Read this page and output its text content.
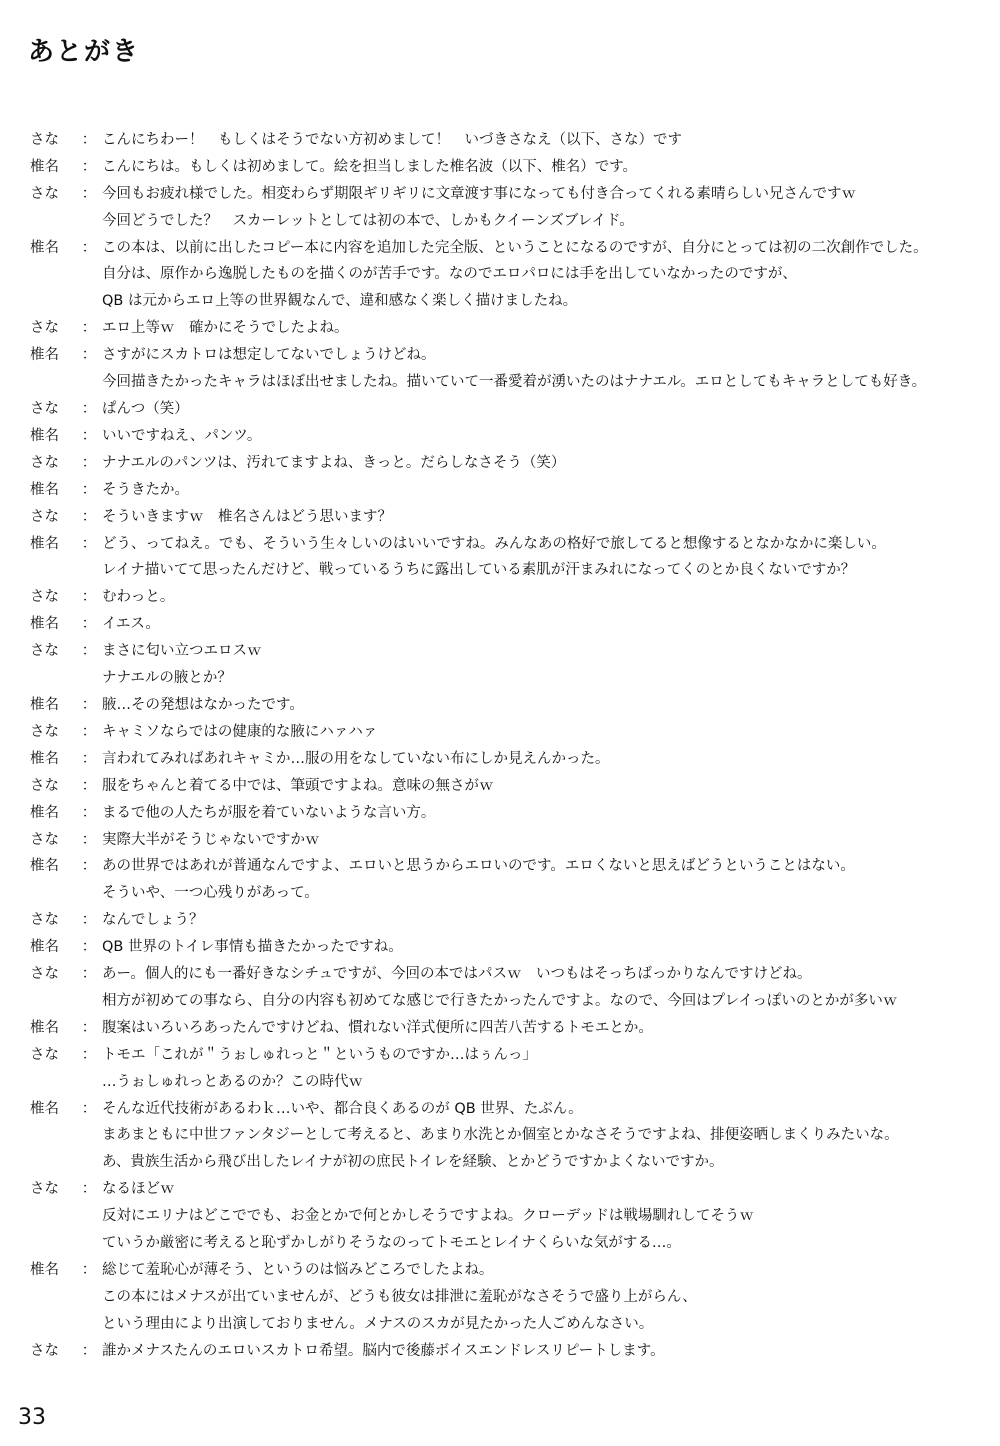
あとがき
さな	： こんにちわー！　もしくはそうでない方初めまして！　いづきさなえ（以下、さな）です
椎名	： こんにちは。もしくは初めまして。絵を担当しました椎名波（以下、椎名）です。
さな	： 今回もお疲れ様でした。相変わらず期限ギリギリに文章渡す事になっても付き合ってくれる素晴らしい兄さんですｗ
今回どうでした？　スカーレットとしては初の本で、しかもクイーンズブレイド。
椎名	： この本は、以前に出したコピー本に内容を追加した完全版、ということになるのですが、自分にとっては初の二次創作でした。
自分は、原作から逸脱したものを描くのが苦手です。なのでエロパロには手を出していなかったのですが、
QB は元からエロ上等の世界観なんで、違和感なく楽しく描けましたね。
さな	： エロ上等ｗ　確かにそうでしたよね。
椎名	： さすがにスカトロは想定してないでしょうけどね。
今回描きたかったキャラはほぼ出せましたね。描いていて一番愛着が湧いたのはナナエル。エロとしてもキャラとしても好き。
さな	： ぱんつ（笑）
椎名	： いいですねえ、パンツ。
さな	： ナナエルのパンツは、汚れてますよね、きっと。だらしなさそう（笑）
椎名	： そうきたか。
さな	： そういきますｗ　椎名さんはどう思います？
椎名	： どう、ってねえ。でも、そういう生々しいのはいいですね。みんなあの格好で旅してると想像するとなかなかに楽しい。
レイナ描いてて思ったんだけど、戦っているうちに露出している素肌が汗まみれになってくのとか良くないですか？
さな	： むわっと。
椎名	： イエス。
さな	： まさに匂い立つエロスｗ
ナナエルの腋とか？
椎名	： 腋…その発想はなかったです。
さな	： キャミソならではの健康的な腋にハァハァ
椎名	： 言われてみればあれキャミか…服の用をなしていない布にしか見えんかった。
さな	： 服をちゃんと着てる中では、筆頭ですよね。意味の無さがｗ
椎名	： まるで他の人たちが服を着ていないような言い方。
さな	： 実際大半がそうじゃないですかｗ
椎名	： あの世界ではあれが普通なんですよ、エロいと思うからエロいのです。エロくないと思えばどうということはない。
そういや、一つ心残りがあって。
さな	： なんでしょう？
椎名	： QB 世界のトイレ事情も描きたかったですね。
さな	： あー。個人的にも一番好きなシチュですが、今回の本ではパスｗ　いつもはそっちばっかりなんですけどね。
相方が初めての事なら、自分の内容も初めてな感じで行きたかったんですよ。なので、今回はプレイっぽいのとかが多いｗ
椎名	： 腹案はいろいろあったんですけどね、慣れない洋式便所に四苦八苦するトモエとか。
さな	： トモエ「これが＂うぉしゅれっと＂というものですか…はぅんっ」
…うぉしゅれっとあるのか？この時代ｗ
椎名	： そんな近代技術があるわｋ…いや、都合良くあるのが QB 世界、たぶん。
まあまともに中世ファンタジーとして考えると、あまり水洗とか個室とかなさそうですよね、排便姿晒しまくりみたいな。
あ、貴族生活から飛び出したレイナが初の庶民トイレを経験、とかどうですかよくないですか。
さな	： なるほどｗ
反対にエリナはどこででも、お金とかで何とかしそうですよね。クローデッドは戦場馴れしてそうｗ
ていうか厳密に考えると恥ずかしがりそうなのってトモエとレイナくらいな気がする…。
椎名	： 総じて羞恥心が薄そう、というのは悩みどころでしたよね。
この本にはメナスが出ていませんが、どうも彼女は排泄に羞恥がなさそうで盛り上がらん、
という理由により出演しておりません。メナスのスカが見たかった人ごめんなさい。
さな	： 誰かメナスたんのエロいスカトロ希望。脳内で後藤ボイスエンドレスリピートします。
33
